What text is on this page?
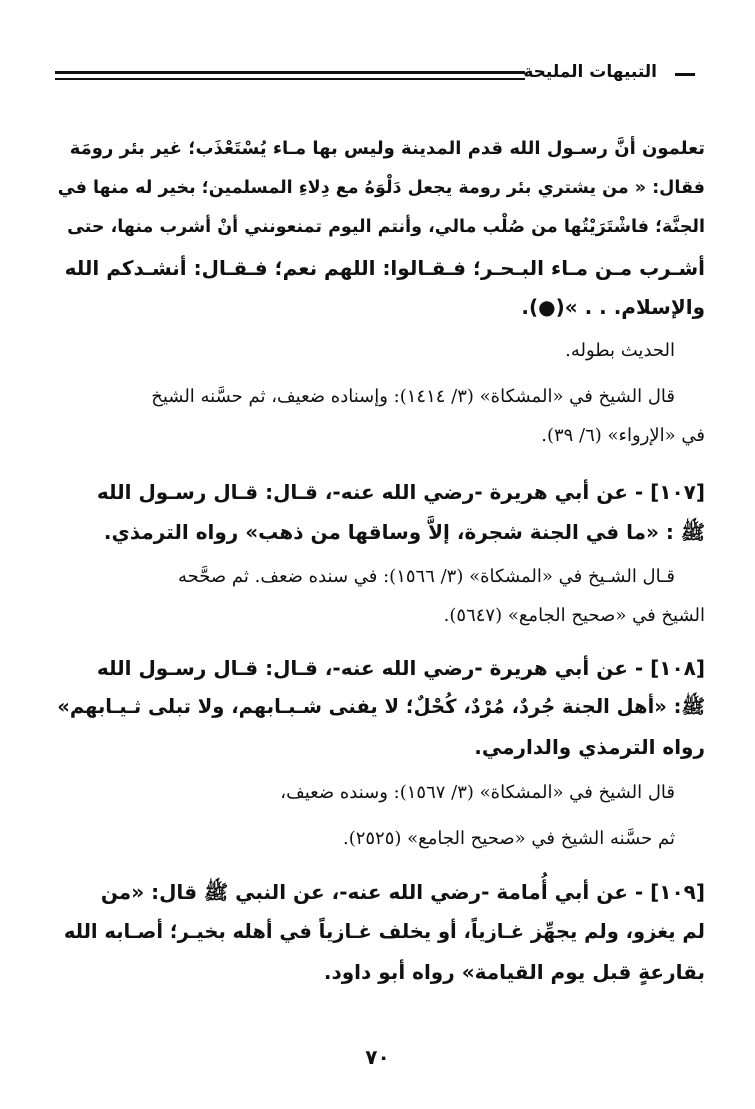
التبيهات المليحة
تعلمون أنَّ رسـول الله قدم المدينة وليس بها مـاء يُسْتَعْذَب؛ غير بئر رومَة
فقال: « من يشتري بئر رومة يجعل دَلْوَهُ مع دِلاءِ المسلمين؛ بخير له منها في
الجنَّة؛ فاشْتَرَيْتُها من صُلْب مالي، وأنتم اليوم تمنعونني أنْ أشرب منها، حتى
أشـرب مـن مـاء البـحـر؛ فـقـالوا: اللهم نعم؛ فـقـال: أنشـدكم الله
والإسلام. . . »(●).
الحديث بطوله.
قال الشيخ في «المشكاة» (٣/ ١٤١٤): وإسناده ضعيف، ثم حسَّنه الشيخ
في «الإرواء» (٦/ ٣٩).
[١٠٧] - عن أبي هريرة -رضي الله عنه-، قـال: قـال رسـول الله
ﷺ : «ما في الجنة شجرة، إلاَّ وساقها من ذهب» رواه الترمذي.
قـال الشـيخ في «المشكاة» (٣/ ١٥٦٦): في سنده ضعف. ثم صحَّحه
الشيخ في «صحيح الجامع» (٥٦٤٧).
[١٠٨] - عن أبي هريرة -رضي الله عنه-، قـال: قـال رسـول الله
ﷺ: «أهل الجنة جُردٌ، مُرْدٌ، كُحْلٌ؛ لا يفنى شـبـابهم، ولا تبلى ثـيـابهم»
رواه الترمذي والدارمي.
قال الشيخ في «المشكاة» (٣/ ١٥٦٧): وسنده ضعيف،
ثم حسَّنه الشيخ في «صحيح الجامع» (٢٥٢٥).
[١٠٩] - عن أبي أُمامة -رضي الله عنه-، عن النبي ﷺ قال: «من
لم يغزو، ولم يجهِّز غـازياً، أو يخلف غـازياً في أهله بخيـر؛ أصـابه الله
بقارعةٍ قبل يوم القيامة» رواه أبو داود.
٧٠
